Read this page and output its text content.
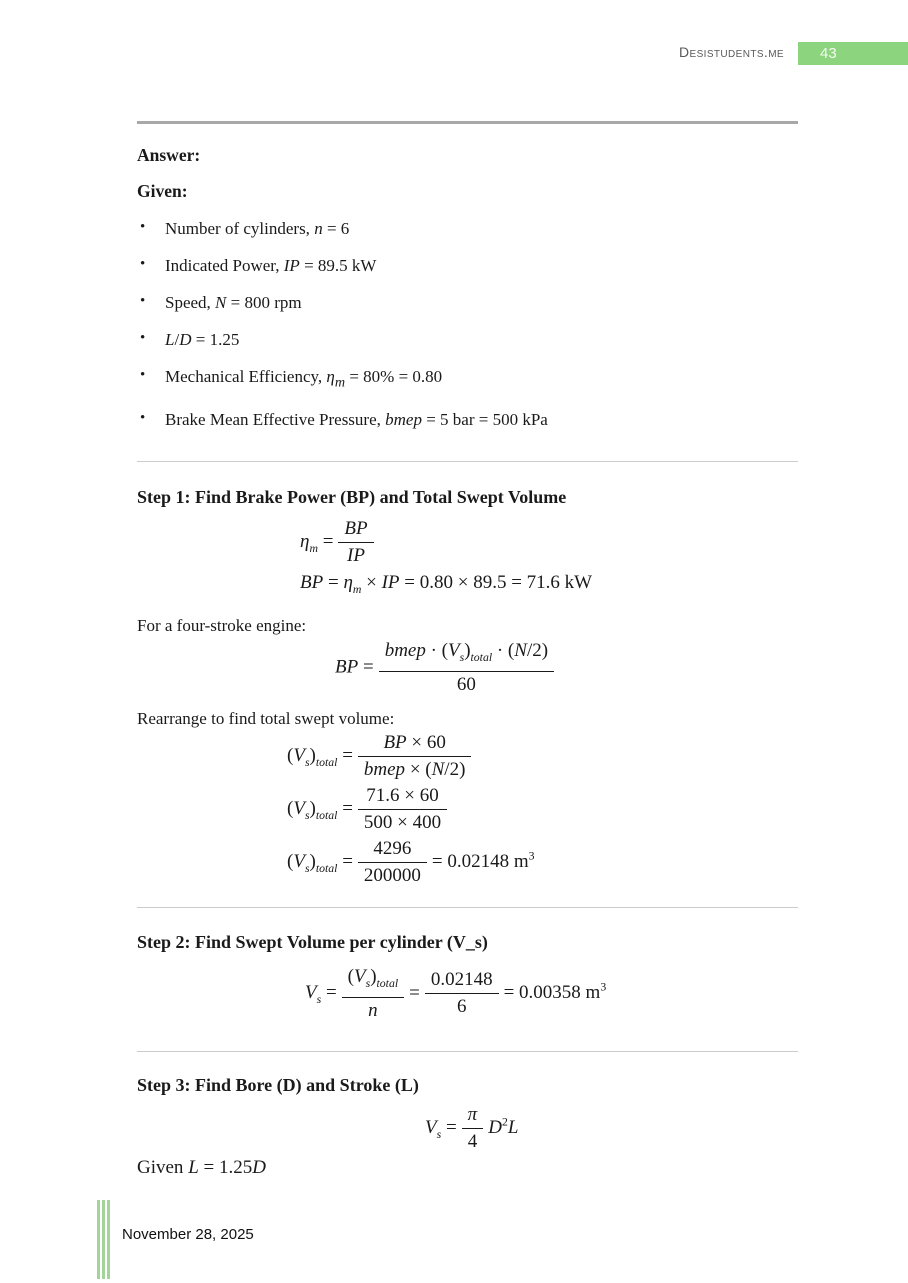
Desistudents.me	43

Answer:

Given:

• Number of cylinders, n = 6
• Indicated Power, IP = 89.5 kW
• Speed, N = 800 rpm
• L/D = 1.25
• Mechanical Efficiency, $\eta_m = 80\% = 0.80$
• Brake Mean Effective Pressure, bmep = 5 bar = 500 kPa

Step 1: Find Brake Power (BP) and Total Swept Volume

$\eta_m = \frac{BP}{IP}$
BP = $\eta_m$ × IP = 0.80 × 89.5 = 71.6 kW

For a four-stroke engine:

BP = $\frac{bmep \cdot (V_s)_{total} \cdot (N/2)}{60}$

Rearrange to find total swept volume:

$(V_s)_{total} = \frac{BP \times 60}{\text{bmep × (N/2)}}$
$(V_s)_{total} = \frac{71.6 \times 60}{500 \times 400}$
$(V_s)_{total} = \frac{4296}{200000} = 0.02148$ $m^3$

Step 2: Find Swept Volume per cylinder (V_s)

$V_s = \frac{(V_s)_{total}}{n} = \frac{0.02148}{6} = 0.00358$ $m^3$

Step 3: Find Bore (D) and Stroke (L)

$V_s = \frac{\pi}{4} D^2L$

Given L = 1.25D

November 28, 2025
